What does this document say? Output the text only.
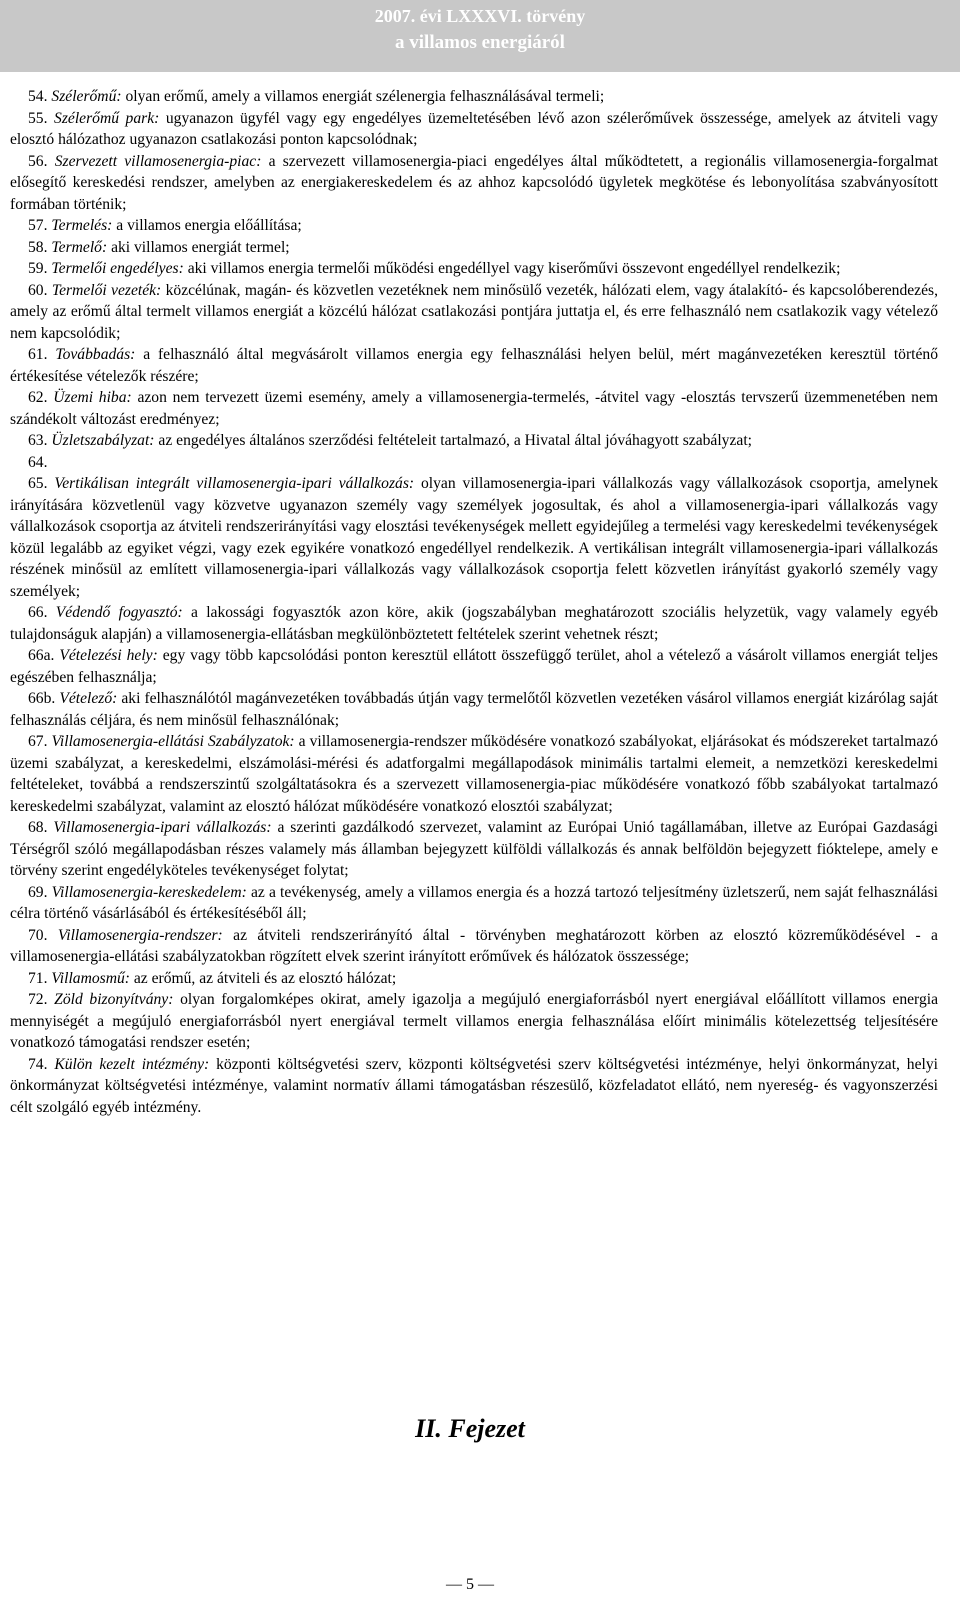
2007. évi LXXXVI. törvény
a villamos energiáról

54. Szélerőmű: olyan erőmű, amely a villamos energiát szélenergia felhasználásával termeli;

55. Szélerőmű park: ugyanazon ügyfél vagy egy engedélyes üzemeltetésében lévő azon szélerőművek összessége, amelyek az átviteli vagy elosztó hálózathoz ugyanazon csatlakozási ponton kapcsolódnak;

56. Szervezett villamosenergia-piac: a szervezett villamosenergia-piaci engedélyes által működtetett, a regionális villamosenergia-forgalmat elősegítő kereskedési rendszer, amelyben az energiakereskedelem és az ahhoz kapcsolódó ügyletek megkötése és lebonyolítása szabványosított formában történik;

57. Termelés: a villamos energia előállítása;

58. Termelő: aki villamos energiát termel;

59. Termelői engedélyes: aki villamos energia termelői működési engedéllyel vagy kiserőművi összevont engedéllyel rendelkezik;

60. Termelői vezeték: közcélúnak, magán- és közvetlen vezetéknek nem minősülő vezeték, hálózati elem, vagy átalakító- és kapcsolóberendezés, amely az erőmű által termelt villamos energiát a közcélú hálózat csatlakozási pontjára juttatja el, és erre felhasználó nem csatlakozik vagy vételező nem kapcsolódik;

61. Továbbadás: a felhasználó által megvásárolt villamos energia egy felhasználási helyen belül, mért magánvezetéken keresztül történő értékesítése vételezők részére;

62. Üzemi hiba: azon nem tervezett üzemi esemény, amely a villamosenergia-termelés, -átvitel vagy -elosztás tervszerű üzemmenetében nem szándékolt változást eredményez;

63. Üzletszabályzat: az engedélyes általános szerződési feltételeit tartalmazó, a Hivatal által jóváhagyott szabályzat;

64.

65. Vertikálisan integrált villamosenergia-ipari vállalkozás: olyan villamosenergia-ipari vállalkozás vagy vállalkozások csoportja, amelynek irányítására közvetlenül vagy közvetve ugyanazon személy vagy személyek jogosultak, és ahol a villamosenergia-ipari vállalkozás vagy vállalkozások csoportja az átviteli rendszerirányítási vagy elosztási tevékenységek mellett egyidejűleg a termelési vagy kereskedelmi tevékenységek közül legalább az egyiket végzi, vagy ezek egyikére vonatkozó engedéllyel rendelkezik. A vertikálisan integrált villamosenergia-ipari vállalkozás részének minősül az említett villamosenergia-ipari vállalkozás vagy vállalkozások csoportja felett közvetlen irányítást gyakorló személy vagy személyek;

66. Védendő fogyasztó: a lakossági fogyasztók azon köre, akik (jogszabályban meghatározott szociális helyzetük, vagy valamely egyéb tulajdonságuk alapján) a villamosenergia-ellátásban megkülönböztetett feltételek szerint vehetnek részt;

66a. Vételezési hely: egy vagy több kapcsolódási ponton keresztül ellátott összefüggő terület, ahol a vételező a vásárolt villamos energiát teljes egészében felhasználja;

66b. Vételező: aki felhasználótól magánvezetéken továbbadás útján vagy termelőtől közvetlen vezetéken vásárol villamos energiát kizárólag saját felhasználás céljára, és nem minősül felhasználónak;

67. Villamosenergia-ellátási Szabályzatok: a villamosenergia-rendszer működésére vonatkozó szabályokat, eljárásokat és módszereket tartalmazó üzemi szabályzat, a kereskedelmi, elszámolási-mérési és adatforgalmi megállapodások minimális tartalmi elemeit, a nemzetközi kereskedelmi feltételeket, továbbá a rendszerszintű szolgáltatásokra és a szervezett villamosenergia-piac működésére vonatkozó főbb szabályokat tartalmazó kereskedelmi szabályzat, valamint az elosztó hálózat működésére vonatkozó elosztói szabályzat;

68. Villamosenergia-ipari vállalkozás: a szerinti gazdálkodó szervezet, valamint az Európai Unió tagállamában, illetve az Európai Gazdasági Térségről szóló megállapodásban részes valamely más államban bejegyzett külföldi vállalkozás és annak belföldön bejegyzett fióktelepe, amely e törvény szerint engedélyköteles tevékenységet folytat;

69. Villamosenergia-kereskedelem: az a tevékenység, amely a villamos energia és a hozzá tartozó teljesítmény üzletszerű, nem saját felhasználási célra történő vásárlásából és értékesítéséből áll;

70. Villamosenergia-rendszer: az átviteli rendszerirányító által - törvényben meghatározott körben az elosztó közreműködésével - a villamosenergia-ellátási szabályzatokban rögzített elvek szerint irányított erőművek és hálózatok összessége;

71. Villamosmű: az erőmű, az átviteli és az elosztó hálózat;

72. Zöld bizonyítvány: olyan forgalomképes okirat, amely igazolja a megújuló energiaforrásból nyert energiával előállított villamos energia mennyiségét a megújuló energiaforrásból nyert energiával termelt villamos energia felhasználása előírt minimális kötelezettség teljesítésére vonatkozó támogatási rendszer esetén;

74. Külön kezelt intézmény: központi költségvetési szerv, központi költségvetési szerv költségvetési intézménye, helyi önkormányzat, helyi önkormányzat költségvetési intézménye, valamint normatív állami támogatásban részesülő, közfeladatot ellátó, nem nyereség- és vagyonszerzési célt szolgáló egyéb intézmény.

II. Fejezet
— 5 —
